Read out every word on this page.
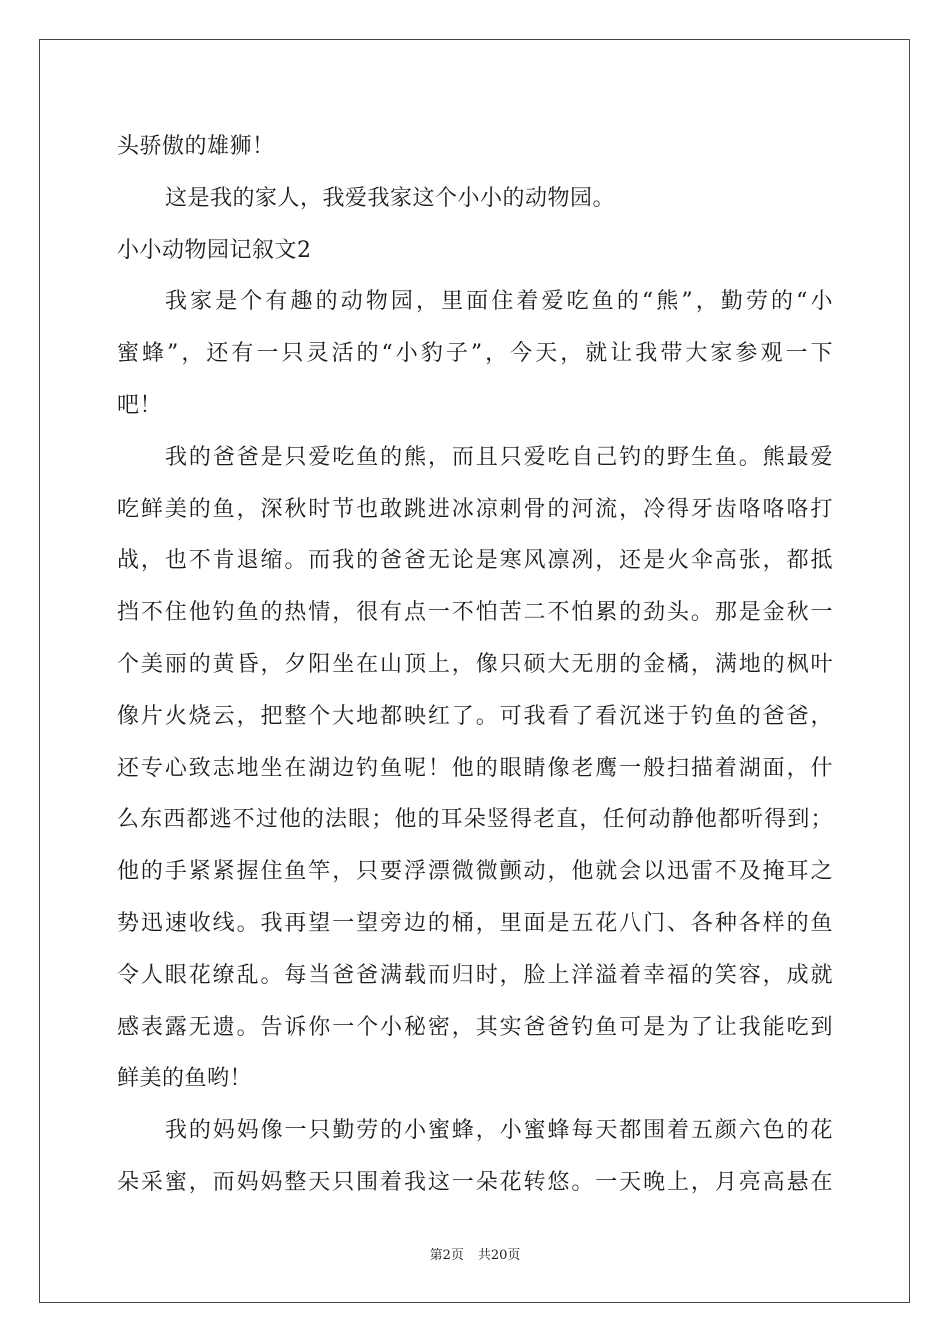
头骄傲的雄狮！
这是我的家人，我爱我家这个小小的动物园。
小小动物园记叙文2
我家是个有趣的动物园，里面住着爱吃鱼的“熊”，勤劳的“小
蜜蜂”，还有一只灵活的“小豹子”，今天，就让我带大家参观一下
吧！
我的爸爸是只爱吃鱼的熊，而且只爱吃自己钓的野生鱼。熊最爱
吃鲜美的鱼，深秋时节也敢跳进冰凉刺骨的河流，冷得牙齿咯咯咯打
战，也不肯退缩。而我的爸爸无论是寒风凛冽，还是火伞高张，都抵
挡不住他钓鱼的热情，很有点一不怕苦二不怕累的劲头。那是金秋一
个美丽的黄昏，夕阳坐在山顶上，像只硕大无朋的金橘，满地的枫叶
像片火烧云，把整个大地都映红了。可我看了看沉迷于钓鱼的爸爸，
还专心致志地坐在湖边钓鱼呢！他的眼睛像老鹰一般扫描着湖面，什
么东西都逃不过他的法眼；他的耳朵竖得老直，任何动静他都听得到；
他的手紧紧握住鱼竿，只要浮漂微微颤动，他就会以迅雷不及掩耳之
势迅速收线。我再望一望旁边的桶，里面是五花八门、各种各样的鱼
令人眼花缭乱。每当爸爸满载而归时，脸上洋溢着幸福的笑容，成就
感表露无遗。告诉你一个小秘密，其实爸爸钓鱼可是为了让我能吃到
鲜美的鱼哟！
我的妈妈像一只勤劳的小蜜蜂，小蜜蜂每天都围着五颜六色的花
朵采蜜，而妈妈整天只围着我这一朵花转悠。一天晚上，月亮高悬在
第2页 共20页
